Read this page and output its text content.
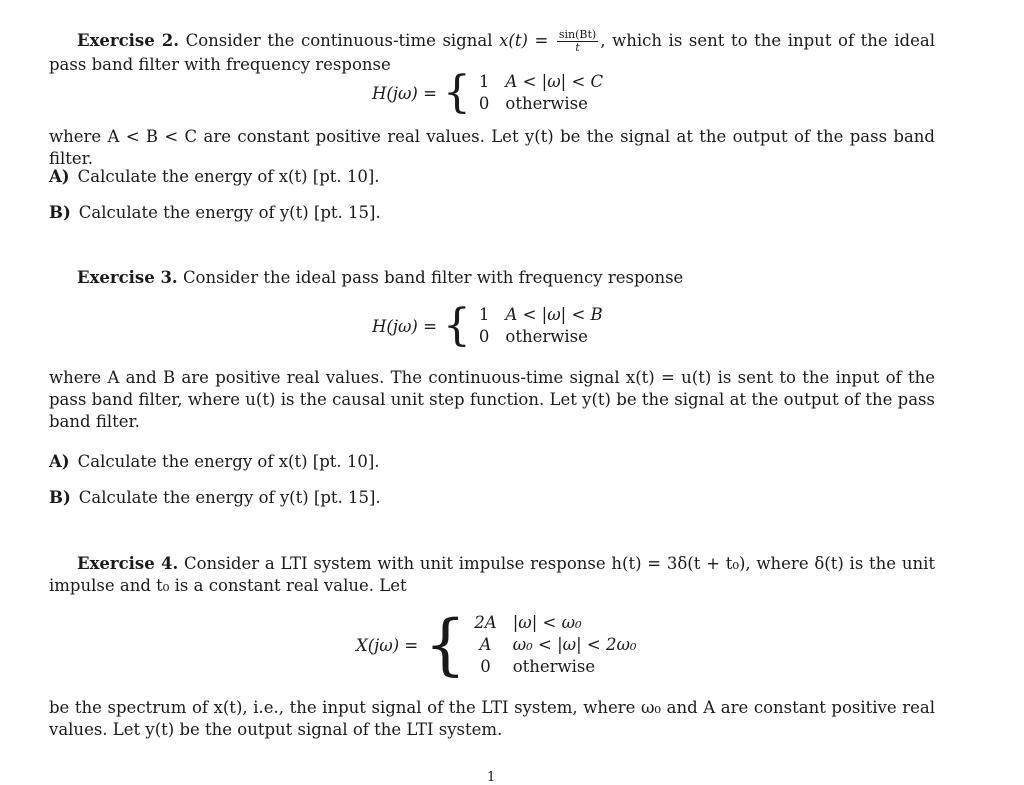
Exercise 2. Consider the continuous-time signal $x(t) = \frac{\sin(Bt)}{t}$ , which is sent to the input of the ideal pass band filter with frequency response
H(jω) = { 1 A < |ω| < C
0 otherwise
where A < B < C are constant positive real values. Let y(t) be the signal at the output of the pass band filter.
A) Calculate the energy of x(t) [pt. 10].
B) Calculate the energy of y(t) [pt. 15].
Exercise 3. Consider the ideal pass band filter with frequency response
H(jω) = { 1 A < |ω| < B
0 otherwise
where A and B are positive real values. The continuous-time signal x(t) = u(t) is sent to the input of the pass band filter, where u(t) is the causal unit step function. Let y(t) be the signal at the output of the pass band filter.
A) Calculate the energy of x(t) [pt. 10].
B) Calculate the energy of y(t) [pt. 15].
Exercise 4. Consider a LTI system with unit impulse response h(t) = 3δ(t + t₀), where δ(t) is the unit impulse and t₀ is a constant real value. Let
X(jω) = { 2A |ω| < ω₀
A	ω₀ < |ω| < 2ω₀
0	otherwise
be the spectrum of x(t), i.e., the input signal of the LTI system, where ω₀ and A are constant positive real values. Let y(t) be the output signal of the LTI system.
1
